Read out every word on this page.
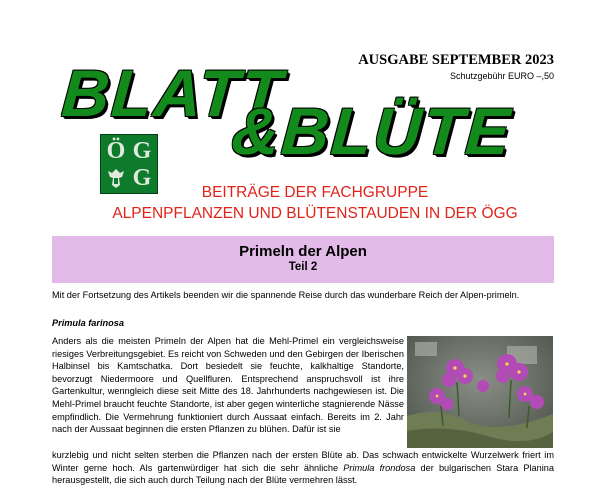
BLATT
&BLÜTE
AUSGABE SEPTEMBER 2023
Schutzgebühr EURO –,50
Ö G
G
BEITRÄGE DER FACHGRUPPE
ALPENPFLANZEN UND BLÜTENSTAUDEN IN DER ÖGG
Primeln der Alpen
Teil 2
Mit der Fortsetzung des Artikels beenden wir die spannende Reise durch das wunderbare Reich der Alpen-primeln.
Primula farinosa
Anders als die meisten Primeln der Alpen hat die Mehl-Primel ein vergleichsweise riesiges Verbreitungsgebiet. Es reicht von Schweden und den Gebirgen der Iberischen Halbinsel bis Kamtschatka. Dort besiedelt sie feuchte, kalkhaltige Standorte, bevorzugt Niedermoore und Quellfluren. Entsprechend anspruchsvoll ist ihre Gartenkultur, wenngleich diese seit Mitte des 18. Jahrhunderts nachgewiesen ist. Die Mehl-Primel braucht feuchte Standorte, ist aber gegen winterliche stagnierende Nässe empfindlich. Die Vermehrung funktioniert durch Aussaat einfach. Bereits im 2. Jahr nach der Aussaat beginnen die ersten Pflanzen zu blühen. Dafür ist sie
kurzlebig und nicht selten sterben die Pflanzen nach der ersten Blüte ab. Das schwach entwickelte Wurzelwerk friert im Winter gerne hoch. Als gartenwürdiger hat sich die sehr ähnliche Primula frondosa der bulgarischen Stara Planina herausgestellt, die sich auch durch Teilung nach der Blüte vermehren lässt.
